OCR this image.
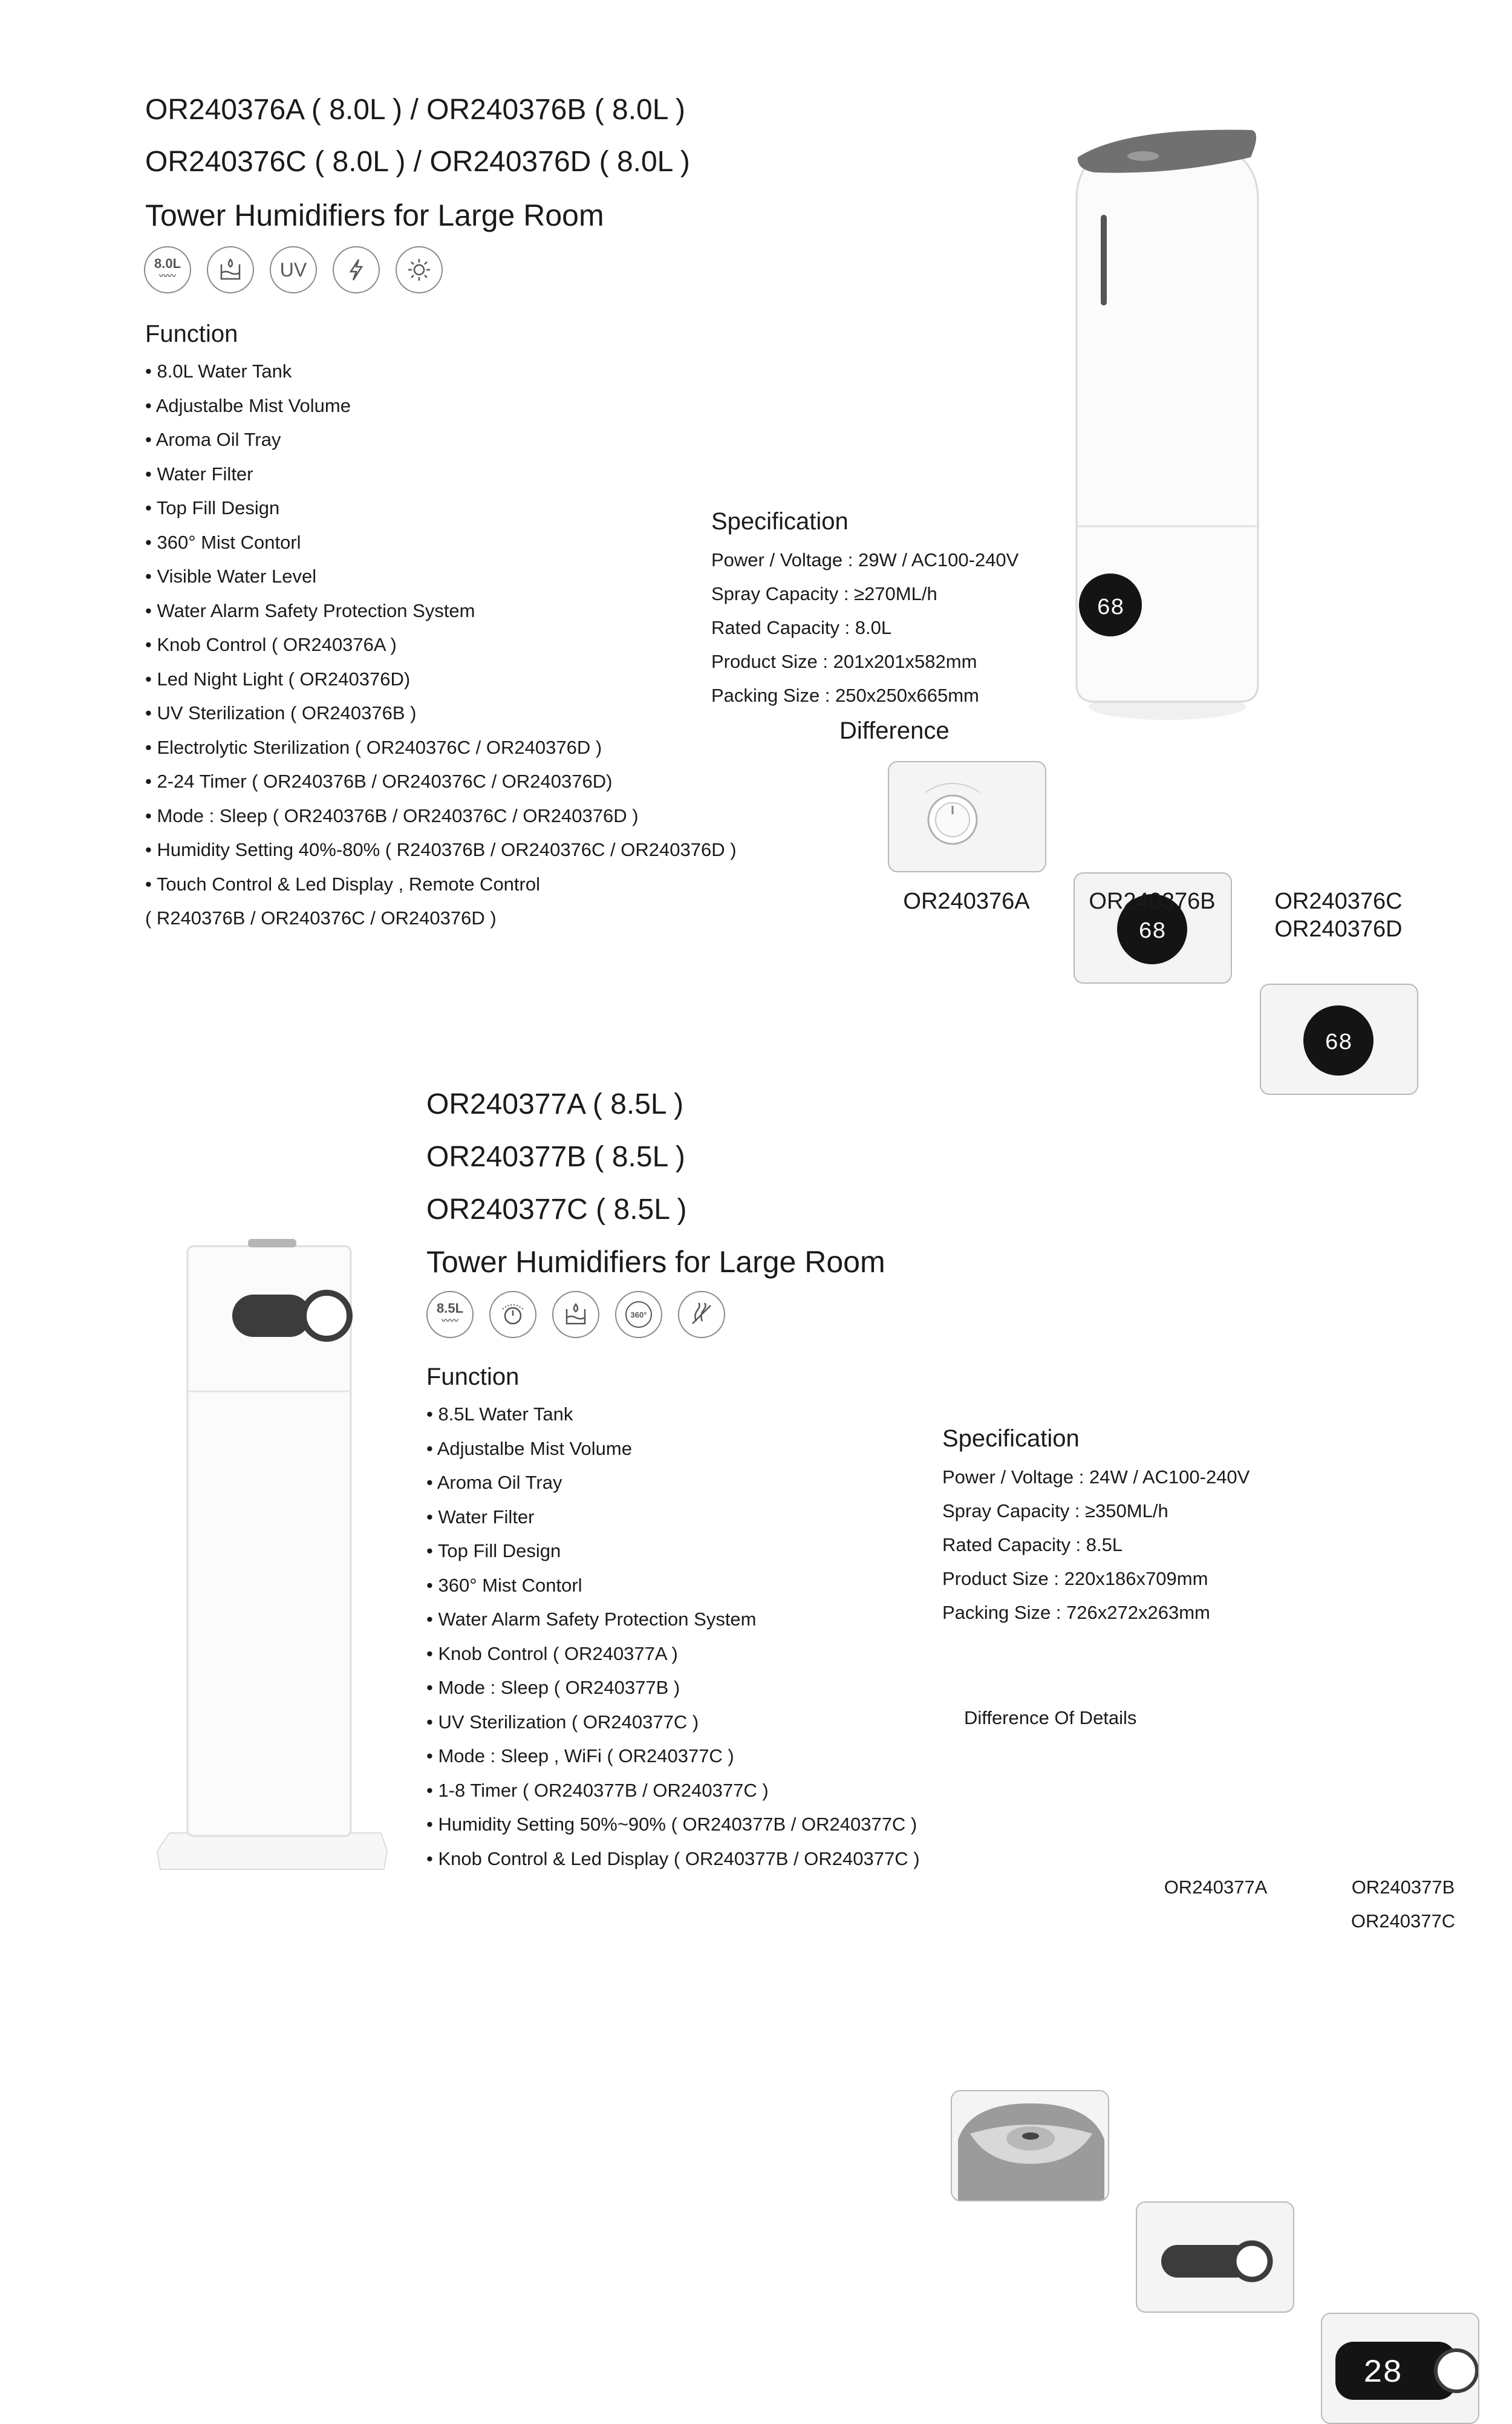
OR240376A ( 8.0L ) / OR240376B ( 8.0L )

OR240376C ( 8.0L ) / OR240376D ( 8.0L )

Tower Humidifiers for Large Room
8.0L
〰〰	UV
Function
• 8.0L Water Tank
• Adjustalbe Mist Volume
• Aroma Oil Tray
• Water Filter
• Top Fill Design
• 360° Mist Contorl
• Visible Water Level
• Water Alarm Safety Protection System
• Knob Control ( OR240376A )
• Led Night Light ( OR240376D)
• UV Sterilization ( OR240376B )
• Electrolytic Sterilization ( OR240376C / OR240376D )
• 2-24 Timer ( OR240376B / OR240376C / OR240376D)
• Mode : Sleep ( OR240376B / OR240376C / OR240376D )
• Humidity Setting 40%-80% ( R240376B / OR240376C / OR240376D )
• Touch Control & Led Display , Remote Control
( R240376B / OR240376C / OR240376D )
Specification
Power / Voltage : 29W / AC100-240V
Spray Capacity : ≥270ML/h
Rated Capacity : 8.0L
Product Size : 201x201x582mm
Packing Size : 250x250x665mm
68
Difference
68
68
OR240376A	OR240376B	OR240376C
OR240376D

OR240377A ( 8.5L )

OR240377B ( 8.5L )

OR240377C ( 8.5L )

Tower Humidifiers for Large Room
8.5L
〰〰
360°
Function
• 8.5L Water Tank
• Adjustalbe Mist Volume
• Aroma Oil Tray
• Water Filter
• Top Fill Design
• 360° Mist Contorl
• Water Alarm Safety Protection System
• Knob Control ( OR240377A )
• Mode : Sleep ( OR240377B )
• UV Sterilization ( OR240377C )
• Mode : Sleep , WiFi ( OR240377C )
• 1-8 Timer ( OR240377B / OR240377C )
• Humidity Setting 50%~90% ( OR240377B / OR240377C )
• Knob Control & Led Display ( OR240377B / OR240377C )
Specification
Power / Voltage : 24W / AC100-240V
Spray Capacity : ≥350ML/h
Rated Capacity : 8.5L
Product Size : 220x186x709mm
Packing Size : 726x272x263mm
Difference Of Details
28
OR240377A	OR240377B
OR240377C
